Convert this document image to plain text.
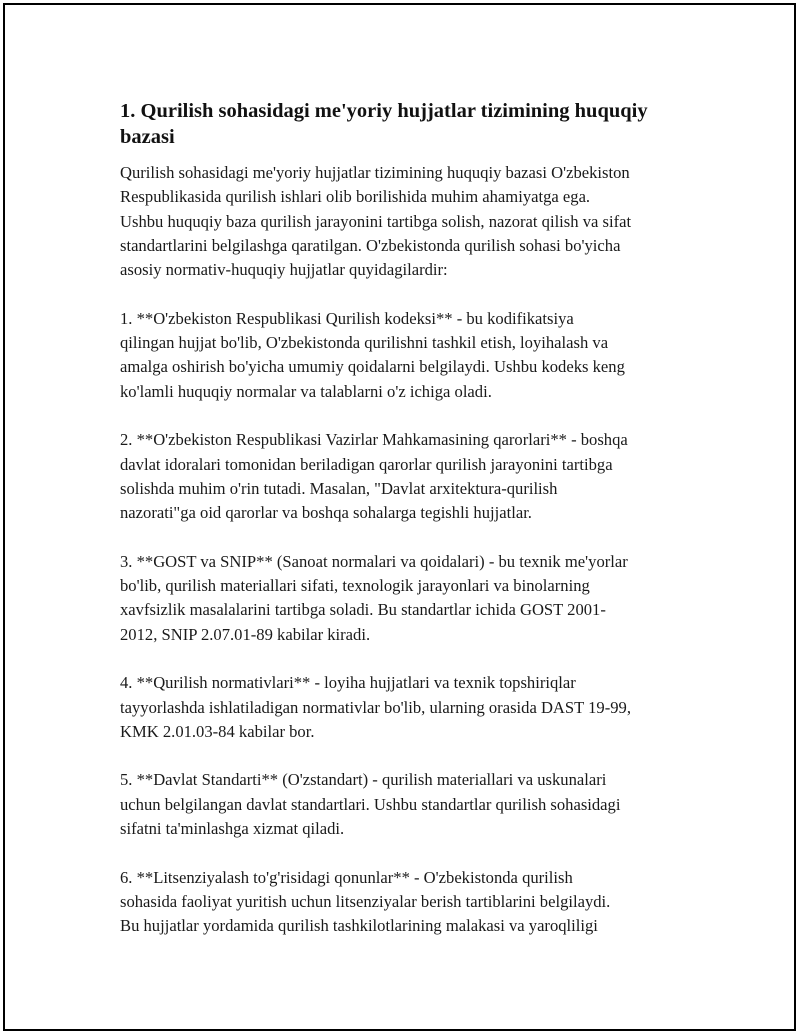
1. Qurilish sohasidagi me'yoriy hujjatlar tizimining huquqiy bazasi
Qurilish sohasidagi me'yoriy hujjatlar tizimining huquqiy bazasi O'zbekiston
Respublikasida qurilish ishlari olib borilishida muhim ahamiyatga ega.
Ushbu huquqiy baza qurilish jarayonini tartibga solish, nazorat qilish va sifat
standartlarini belgilashga qaratilgan. O'zbekistonda qurilish sohasi bo'yicha
asosiy normativ-huquqiy hujjatlar quyidagilardir:
1. **O'zbekiston Respublikasi Qurilish kodeksi** - bu kodifikatsiya
qilingan hujjat bo'lib, O'zbekistonda qurilishni tashkil etish, loyihalash va
amalga oshirish bo'yicha umumiy qoidalarni belgilaydi. Ushbu kodeks keng
ko'lamli huquqiy normalar va talablarni o'z ichiga oladi.
2. **O'zbekiston Respublikasi Vazirlar Mahkamasining qarorlari** - boshqa
davlat idoralari tomonidan beriladigan qarorlar qurilish jarayonini tartibga
solishda muhim o'rin tutadi. Masalan, "Davlat arxitektura-qurilish
nazorati"ga oid qarorlar va boshqa sohalarga tegishli hujjatlar.
3. **GOST va SNIP** (Sanoat normalari va qoidalari) - bu texnik me'yorlar
bo'lib, qurilish materiallari sifati, texnologik jarayonlari va binolarning
xavfsizlik masalalarini tartibga soladi. Bu standartlar ichida GOST 2001-
2012, SNIP 2.07.01-89 kabilar kiradi.
4. **Qurilish normativlari** - loyiha hujjatlari va texnik topshiriqlar
tayyorlashda ishlatiladigan normativlar bo'lib, ularning orasida DAST 19-99,
KMK 2.01.03-84 kabilar bor.
5. **Davlat Standarti** (O'zstandart) - qurilish materiallari va uskunalari
uchun belgilangan davlat standartlari. Ushbu standartlar qurilish sohasidagi
sifatni ta'minlashga xizmat qiladi.
6. **Litsenziyalash to'g'risidagi qonunlar** - O'zbekistonda qurilish
sohasida faoliyat yuritish uchun litsenziyalar berish tartiblarini belgilaydi.
Bu hujjatlar yordamida qurilish tashkilotlarining malakasi va yaroqliligi
